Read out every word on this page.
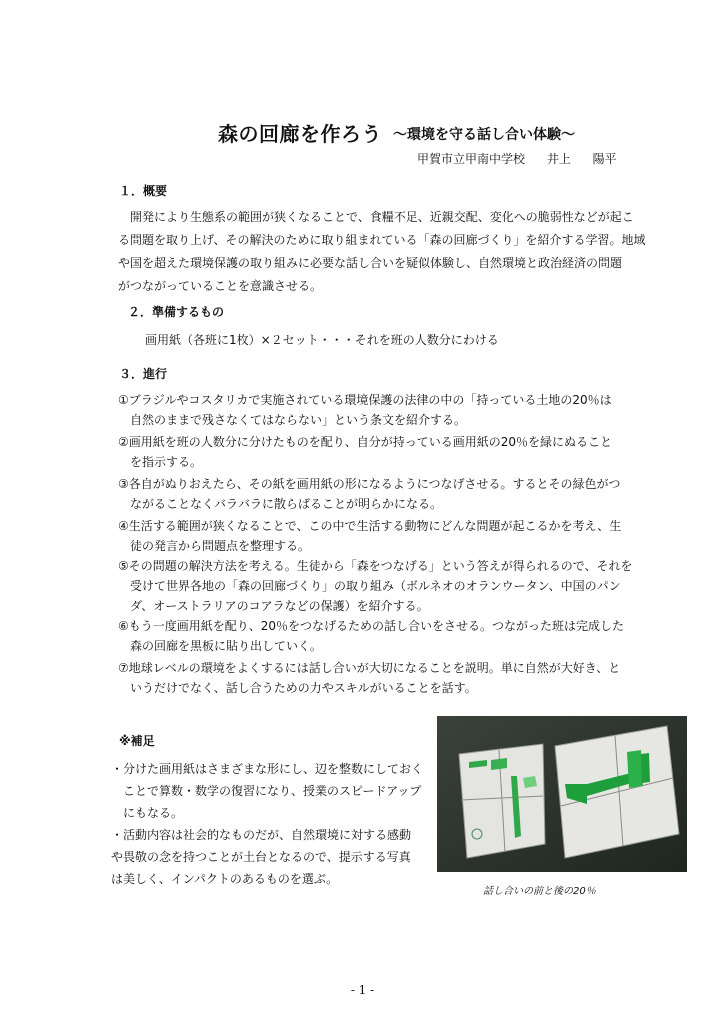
森の回廊を作ろう ～環境を守る話し合い体験～
甲賀市立甲南中学校 井上 陽平
１．概要
開発により生態系の範囲が狭くなることで、食糧不足、近親交配、変化への脆弱性などが起こ
る問題を取り上げ、その解決のために取り組まれている「森の回廊づくり」を紹介する学習。地域
や国を超えた環境保護の取り組みに必要な話し合いを疑似体験し、自然環境と政治経済の問題
がつながっていることを意識させる。
２．準備するもの
画用紙（各班に1枚）×２セット・・・それを班の人数分にわける
３．進行
①ブラジルやコスタリカで実施されている環境保護の法律の中の「持っている土地の20％は
　自然のままで残さなくてはならない」という条文を紹介する。
②画用紙を班の人数分に分けたものを配り、自分が持っている画用紙の20％を緑にぬること
　を指示する。
③各自がぬりおえたら、その紙を画用紙の形になるようにつなげさせる。するとその緑色がつ
　ながることなくバラバラに散らばることが明らかになる。
④生活する範囲が狭くなることで、この中で生活する動物にどんな問題が起こるかを考え、生
　徒の発言から問題点を整理する。
⑤その問題の解決方法を考える。生徒から「森をつなげる」という答えが得られるので、それを
　受けて世界各地の「森の回廊づくり」の取り組み（ボルネオのオランウータン、中国のパン
　ダ、オーストラリアのコアラなどの保護）を紹介する。
⑥もう一度画用紙を配り、20％をつなげるための話し合いをさせる。つながった班は完成した
　森の回廊を黒板に貼り出していく。
⑦地球レベルの環境をよくするには話し合いが大切になることを説明。単に自然が大好き、と
　いうだけでなく、話し合うための力やスキルがいることを話す。
※補足
・分けた画用紙はさまざまな形にし、辺を整数にしておく
　ことで算数・数学の復習になり、授業のスピードアップ
　にもなる。
・活動内容は社会的なものだが、自然環境に対する感動
や畏敬の念を持つことが土台となるので、提示する写真
は美しく、インパクトのあるものを選ぶ。
話し合いの前と後の20％
- 1 -
